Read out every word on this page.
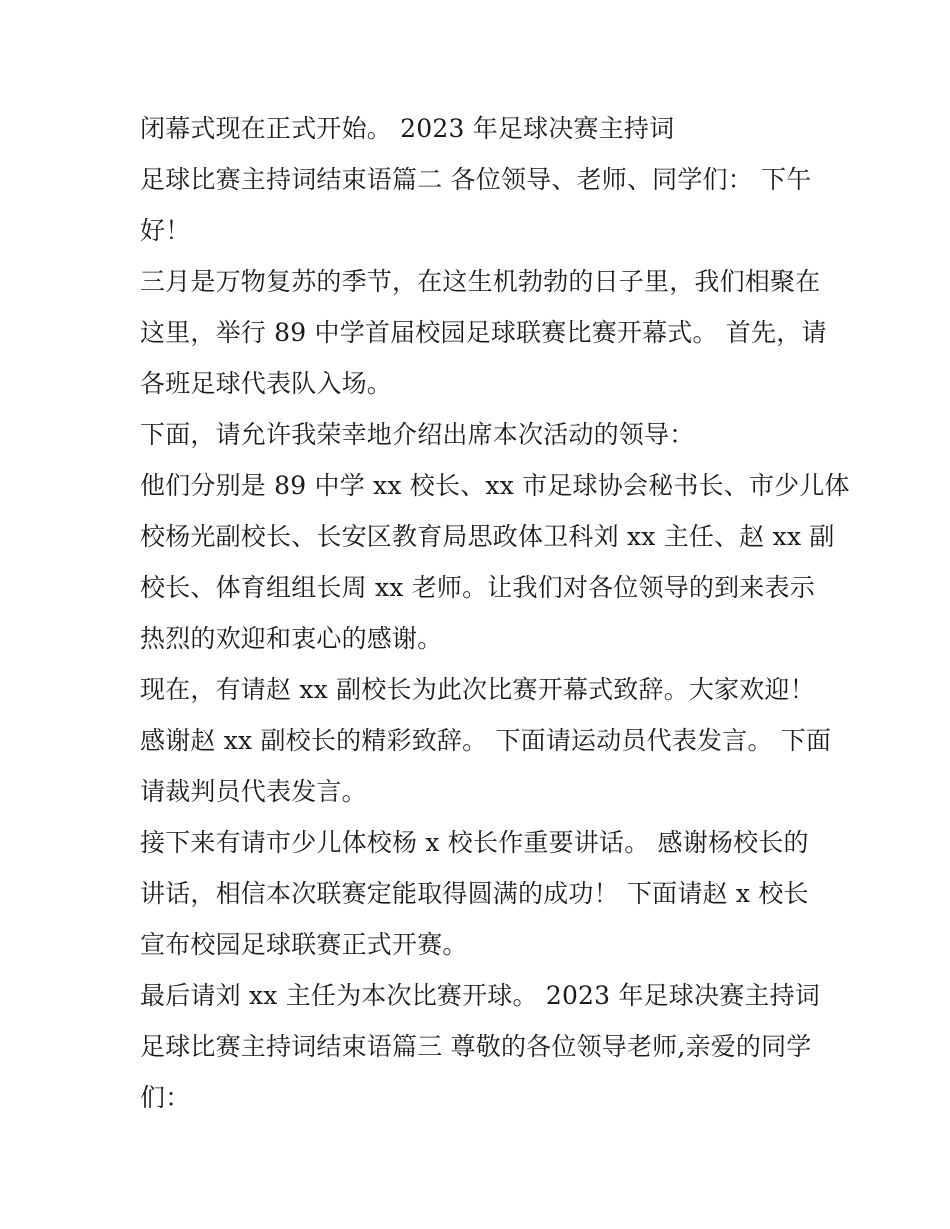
闭幕式现在正式开始。 2023 年足球决赛主持词
足球比赛主持词结束语篇二 各位领导、老师、同学们： 下午
好！
三月是万物复苏的季节，在这生机勃勃的日子里，我们相聚在
这里，举行 89 中学首届校园足球联赛比赛开幕式。 首先，请
各班足球代表队入场。
下面，请允许我荣幸地介绍出席本次活动的领导：
他们分别是 89 中学 xx 校长、xx 市足球协会秘书长、市少儿体
校杨光副校长、长安区教育局思政体卫科刘 xx 主任、赵 xx 副
校长、体育组组长周 xx 老师。让我们对各位领导的到来表示
热烈的欢迎和衷心的感谢。
现在，有请赵 xx 副校长为此次比赛开幕式致辞。大家欢迎！
感谢赵 xx 副校长的精彩致辞。 下面请运动员代表发言。 下面
请裁判员代表发言。
接下来有请市少儿体校杨 x 校长作重要讲话。 感谢杨校长的
讲话，相信本次联赛定能取得圆满的成功！ 下面请赵 x 校长
宣布校园足球联赛正式开赛。
最后请刘 xx 主任为本次比赛开球。 2023 年足球决赛主持词
足球比赛主持词结束语篇三 尊敬的各位领导老师,亲爱的同学
们：
